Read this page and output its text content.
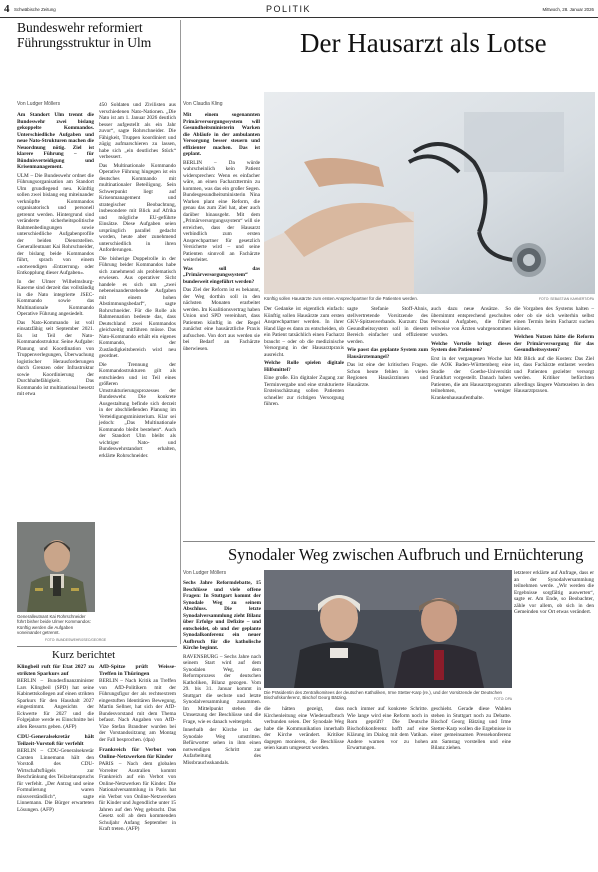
4 Schwäbische Zeitung	POLITIK	Mittwoch, 28. Januar 2026
Bundeswehr reformiert Führungsstruktur in Ulm
Von Ludger Möllers

Am Standort Ulm trennt die Bundeswehr zwei bislang gekoppelte Kommandos. Unterschiedliche Aufgaben und neue Nato-Strukturen machen die Neuordnung nötig. Ziel ist klarere Führung – für Bündnisverteidigung und Krisenmanagement.

ULM – Die Bundeswehr ordnet die Führungsorganisation am Standort Ulm grundlegend neu. Künftig sollen zwei bislang eng miteinander verknüpfte Kommandos organisatorisch und personell getrennt werden. Hintergrund sind veränderte sicherheitspolitische Rahmenbedingungen sowie unterschiedliche Aufgabenprofile der beiden Dienststellen. Generalleutnant Kai Rohrschneider, der bislang beide Kommandos führt, sprach von einem »notwendigen ›Entzerrung‹ oder Entkopplung dieser Aufgaben«.

In der Ulmer Wilhelmsburg-Kaserne sind derzeit das vollständig in die Nato integrierte JSEC-Kommando sowie das Multinationale Kommando Operative Führung angesiedelt.

Das Nato-Kommando ist voll einsatzfähig seit September 2021. Es ist Teil der Nato-Kommandostruktur. Seine Aufgabe: Planung und Koordination von Truppenverlegungen, Überwachung logistischer Herausforderungen durch Grenzen oder Infrastruktur sowie Koordinierung der Durchhaltefähigkeit. Das Kommando ist multinational besetzt mit etwa

Generalleutnant Kai Rohrschneider führt bisher beide Ulmer Kommandos: Künftig werden die Aufgaben voneinander getrennt.
FOTO: BUNDESWEHR/JSEC/GEORGE

450 Soldaten und Zivilisten aus verschiedenen Nato-Nationen. „Die Nato ist am 1. Januar 2026 deutlich besser aufgestellt als ein Jahr zuvor“, sagte Rohrschneider. Die Fähigkeit, Truppen koordiniert und zügig aufmarschieren zu lassen, habe sich „ein deutliches Stück“ verbessert.

Das Multinationale Kommando Operative Führung hingegen ist ein deutsches Kommando mit multinationaler Beteiligung. Sein Schwerpunkt liegt auf Krisenmanagement und strategischer Beobachtung, insbesondere mit Blick auf Afrika und mögliche EU-geführte Einsätze. Diese Aufgaben seien ursprünglich parallel gedacht worden, heute aber zunehmend unterschiedlich in ihren Anforderungen.

Die bisherige Doppelrolle in der Führung beider Kommandos habe sich zunehmend als problematisch erwiesen. Aus operativer Sicht handele es sich um „zwei nebeneinanderstehende Aufgaben mit einem hohen Abstimmungsbedarf“, sagte Rohrschneider. Für die Rolle als Rahmennation bedeute das, dass Deutschland zwei Kommandos gleichzeitig mitführen müsse. Das Nato-Kommando erhält ein eigenes Kommando, der Zuständigkeitsbereich wird neu geordnet.

Die Trennung der Kommandostrukturen gilt als entschieden und ist Teil eines größeren Umstrukturierungsprozesses der Bundeswehr. Die konkrete Ausgestaltung befinde sich derzeit in der abschließenden Planung im Verteidigungsministerium. Klar sei jedoch: „Das Multinationale Kommando bleibt bestehen“. Auch der Standort Ulm bleibt als wichtiger Nato- und Bundeswehrstandort erhalten, erklärte Rohrschneider.

Der Hausarzt als Lotse
Von Claudia Kling

Mit einem sogenannten Primärversorgungssystem will Gesundheitsministerin Warken die Abläufe in der ambulanten Versorgung besser steuern und effizienter machen. Das ist geplant.

BERLIN – Da würde wahrscheinlich kein Patient widersprechen: Wenn es einfacher wäre, an einen Facharzttermin zu kommen, was das ein großer Segen. Bundesgesundheitsministerin Nina Warken plant eine Reform, die genau das zum Ziel hat, aber auch darüber hinausgeht. Mit dem „Primärversorgungssystem“ will sie erreichen, dass der Hausarzt verbindlich zum ersten Ansprechpartner für gesetzlich Versicherte wird – und seine Patienten sinnvoll an Fachärzte weiterleitet.

Was soll das „Primärversorgungssystem“ bundesweit eingeführt werden?

Das Ziel der Reform ist es bekannt, der Weg dorthin soll in den nächsten Monaten erarbeitet werden. Im Koalitionsvertrag haben Union und SPD vereinbart, dass Patienten künftig in der Regel zunächst eine hausärztliche Praxis aufsuchen. Von dort aus werden sie bei Bedarf an Fachärzte überwiesen.

Künftig sollen Hausärzte zum ersten Ansprechpartner für die Patienten werden.	FOTO: SEBASTIAN KAHNERT/DPA

Der Gedanke ist eigentlich einfach: Künftig sollen Hausärzte zum ersten Ansprechpartner werden. In ihrer Hand läge es dann zu entscheiden, ob ein Patient tatsächlich einen Facharzt braucht – oder ob die medizinische Versorgung in der Hausarztpraxis ausreicht.

Welche Rolle spielen digitale Hilfsmittel?

Eine große. Ein digitaler Zugang zur Terminvergabe und eine strukturierte Ersteinschätzung sollen Patienten schneller zur richtigen Versorgung führen.

sagte Stefanie Stoff-Ahnis, stellvertretende Vorsitzende des GKV-Spitzenverbands. Kurzum: Das Gesundheitssystem soll in diesem Bereich einfacher und effizienter werden.

Wie passt das geplante System zum Hausärztemangel?

Das ist eine der kritischen Fragen. Schon heute fehlen in vielen Regionen Hausärztinnen und Hausärzte.

auch dazu neue Ansätze. So übernimmt entsprechend geschultes Personal Aufgaben, die früher teilweise von Ärzten wahrgenommen wurden.

Welche Vorteile bringt dieses System den Patienten?

Erst in der vergangenen Woche hat die AOK Baden-Württemberg eine Studie der Goethe-Universität Frankfurt vorgestellt. Danach haben Patienten, die am Hausarztprogramm teilnehmen, weniger Krankenhausaufenthalte.

die Vorgaben des Systems halten – oder ob sie sich weiterhin selbst einen Termin beim Facharzt suchen können.

Welchen Nutzen hätte die Reform der Primärversorgung für das Gesundheitssystem?

Mit Blick auf die Kosten: Das Ziel ist, dass Fachärzte entlastet werden und Patienten gezielter versorgt werden. Kritiker befürchten allerdings längere Wartezeiten in den Hausarztpraxen.

Synodaler Weg zwischen Aufbruch und Ernüchterung
Von Ludger Möllers

Sechs Jahre Reformdebatte, 15 Beschlüsse und viele offene Fragen: In Stuttgart kommt der Synodale Weg zu seinem Abschluss. Die letzte Synodalversammlung zieht Bilanz über Erfolge und Defizite – und entscheidet, ob und der geplante Synodalkonferenz ein neuer Aufbruch für die katholische Kirche beginnt.

RAVENSBURG – Sechs Jahre nach seinem Start wird auf dem Synodalen Weg, dem Reformprozess der deutschen Katholiken, Bilanz gezogen. Vom 29. bis 31. Januar kommt in Stuttgart die sechste und letzte Synodalversammlung zusammen. Im Mittelpunkt stehen die Umsetzung der Beschlüsse und die Frage, wie es danach weitergeht.

Innerhalb der Kirche ist der Synodale Weg umstritten. Befürworter sehen in ihm einen notwendigen Schritt zur Aufarbeitung des Missbrauchsskandals.

Die Präsidentin des Zentralkomitees der deutschen Katholiken, Irme Stetter-Karp (re.), und der Vorsitzende der Deutschen Bischofskonferenz, Bischof Georg Bätzing.	FOTO: DPA

die hätten gezeigt, dass Kirchenleitung eine Wiederaufbruch verbunden seien. Der Synodale Weg habe die Kommunikation innerhalb der Kirche verändert. Kritiker dagegen monieren, die Beschlüsse seien kaum umgesetzt worden.

noch immer auf konkrete Schritte. Wie lange wird eine Reform noch in Rom geprüft? Die Deutsche Bischofskonferenz hofft auf eine Klärung im Dialog mit dem Vatikan. Andere warnen vor zu hohen Erwartungen.

geschieht. Gerade diese Wahlen stehen in Stuttgart noch zu Debatte. Bischof Georg Bätzing und Irme Stetter-Karp wollen die Ergebnisse in einer gemeinsamen Pressekonferenz am Samstag vorstellen und eine Bilanz ziehen.

letzterer erklärte auf Anfrage, dass er an der Synodalversammlung teilnehmen werde. „Wir werden die Ergebnisse sorgfältig auswerten“, sagte er. Am Ende, so Beobachter, zähle vor allem, ob sich in den Gemeinden vor Ort etwas verändert.

Kurz berichtet
Klingbeil ruft für Etat 2027 zu strikten Sparkurs auf

BERLIN – Bundesfinanzminister Lars Klingbeil (SPD) hat seine Kabinettskollegen auf einen strikten Sparkurs für den Haushalt 2027 eingestimmt. Angesichts der Eckwerte für 2027 und die Folgejahre werde es Einschnitte bei allen Ressorts geben. (AFP)

CDU-Generalsekretär hält Teilzeit-Vorstoß für verfehlt

BERLIN – CDU-Generalsekretär Carsten Linnemann hält den Vorstoß des CDU-Wirtschaftsflügels zur Beschränkung des Teilzeitanspruchs für verfehlt. „Der Antrag und seine Formulierung waren missverständlich“, sagte Linnemann. Die Bürger erwarteten Lösungen. (AFP)

AfD-Spitze prüft Weisse-Treffen in Thüringen

BERLIN – Nach Kritik an Treffen von AfD-Politikern mit der Führungsfigur der als rechtsextrem eingestuften Identitären Bewegung, Martin Sellner, hat sich der AfD-Bundesvorstand mit dem Thema befasst. Nach Angaben von AfD-Vize Stefan Brandner wurden bei der Vorstandssitzung am Montag der Fall besprochen. (dpa)

Frankreich für Verbot von Online-Netzwerken für Kinder

PARIS – Nach dem globalen Vorreiter Australien kommt Frankreich auf ein Verbot von Online-Netzwerken für Kinder. Die Nationalversammlung in Paris hat ein Verbot von Online-Netzwerken für Kinder und Jugendliche unter 15 Jahren auf den Weg gebracht. Das Gesetz soll ab dem kommenden Schuljahr Anfang September in Kraft treten. (AFP)
